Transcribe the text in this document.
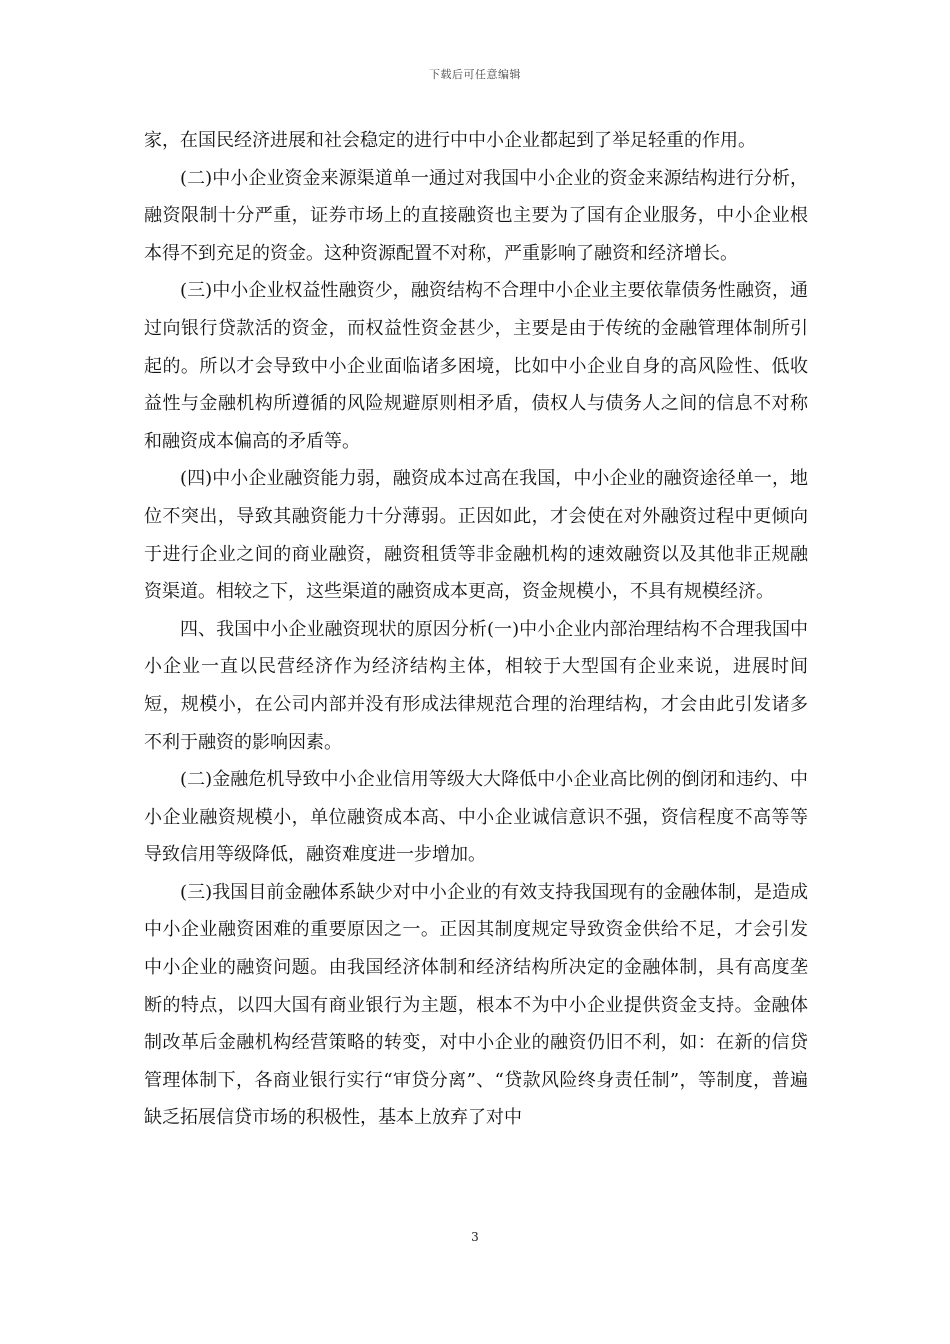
下载后可任意编辑

家，在国民经济进展和社会稳定的进行中中小企业都起到了举足轻重的作用。

(二)中小企业资金来源渠道单一通过对我国中小企业的资金来源结构进行分析，融资限制十分严重，证券市场上的直接融资也主要为了国有企业服务，中小企业根本得不到充足的资金。这种资源配置不对称，严重影响了融资和经济增长。

(三)中小企业权益性融资少，融资结构不合理中小企业主要依靠债务性融资，通过向银行贷款活的资金，而权益性资金甚少，主要是由于传统的金融管理体制所引起的。所以才会导致中小企业面临诸多困境，比如中小企业自身的高风险性、低收益性与金融机构所遵循的风险规避原则相矛盾，债权人与债务人之间的信息不对称和融资成本偏高的矛盾等。

(四)中小企业融资能力弱，融资成本过高在我国，中小企业的融资途径单一，地位不突出，导致其融资能力十分薄弱。正因如此，才会使在对外融资过程中更倾向于进行企业之间的商业融资，融资租赁等非金融机构的速效融资以及其他非正规融资渠道。相较之下，这些渠道的融资成本更高，资金规模小，不具有规模经济。

四、我国中小企业融资现状的原因分析(一)中小企业内部治理结构不合理我国中小企业一直以民营经济作为经济结构主体，相较于大型国有企业来说，进展时间短，规模小，在公司内部并没有形成法律规范合理的治理结构，才会由此引发诸多不利于融资的影响因素。

(二)金融危机导致中小企业信用等级大大降低中小企业高比例的倒闭和违约、中小企业融资规模小，单位融资成本高、中小企业诚信意识不强，资信程度不高等等导致信用等级降低，融资难度进一步增加。

(三)我国目前金融体系缺少对中小企业的有效支持我国现有的金融体制，是造成中小企业融资困难的重要原因之一。正因其制度规定导致资金供给不足，才会引发中小企业的融资问题。由我国经济体制和经济结构所决定的金融体制，具有高度垄断的特点，以四大国有商业银行为主题，根本不为中小企业提供资金支持。金融体制改革后金融机构经营策略的转变，对中小企业的融资仍旧不利，如：在新的信贷管理体制下，各商业银行实行“审贷分离”、“贷款风险终身责任制”，等制度，普遍缺乏拓展信贷市场的积极性，基本上放弃了对中

3
